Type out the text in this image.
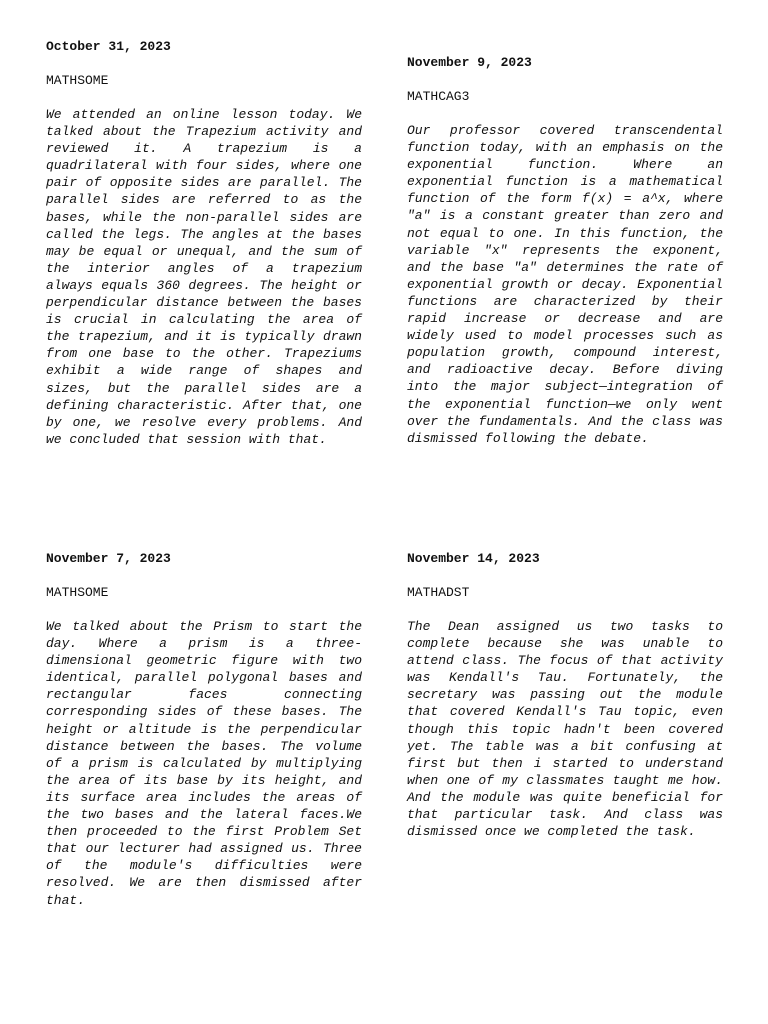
October 31, 2023

MATHSOME

We attended an online lesson today. We talked about the Trapezium activity and reviewed it. A trapezium is a quadrilateral with four sides, where one pair of opposite sides are parallel. The parallel sides are referred to as the bases, while the non-parallel sides are called the legs. The angles at the bases may be equal or unequal, and the sum of the interior angles of a trapezium always equals 360 degrees. The height or perpendicular distance between the bases is crucial in calculating the area of the trapezium, and it is typically drawn from one base to the other. Trapeziums exhibit a wide range of shapes and sizes, but the parallel sides are a defining characteristic. After that, one by one, we resolve every problems. And we concluded that session with that.

November 9, 2023

MATHCAG3

Our professor covered transcendental function today, with an emphasis on the exponential function. Where an exponential function is a mathematical function of the form f(x) = a^x, where "a" is a constant greater than zero and not equal to one. In this function, the variable "x" represents the exponent, and the base "a" determines the rate of exponential growth or decay. Exponential functions are characterized by their rapid increase or decrease and are widely used to model processes such as population growth, compound interest, and radioactive decay. Before diving into the major subject—integration of the exponential function—we only went over the fundamentals. And the class was dismissed following the debate.

November 7, 2023

MATHSOME

We talked about the Prism to start the day. Where a prism is a three-dimensional geometric figure with two identical, parallel polygonal bases and rectangular faces connecting corresponding sides of these bases. The height or altitude is the perpendicular distance between the bases. The volume of a prism is calculated by multiplying the area of its base by its height, and its surface area includes the areas of the two bases and the lateral faces.We then proceeded to the first Problem Set that our lecturer had assigned us. Three of the module's difficulties were resolved. We are then dismissed after that.

November 14, 2023

MATHADST

The Dean assigned us two tasks to complete because she was unable to attend class. The focus of that activity was Kendall's Tau. Fortunately, the secretary was passing out the module that covered Kendall's Tau topic, even though this topic hadn't been covered yet. The table was a bit confusing at first but then i started to understand when one of my classmates taught me how. And the module was quite beneficial for that particular task. And class was dismissed once we completed the task.
